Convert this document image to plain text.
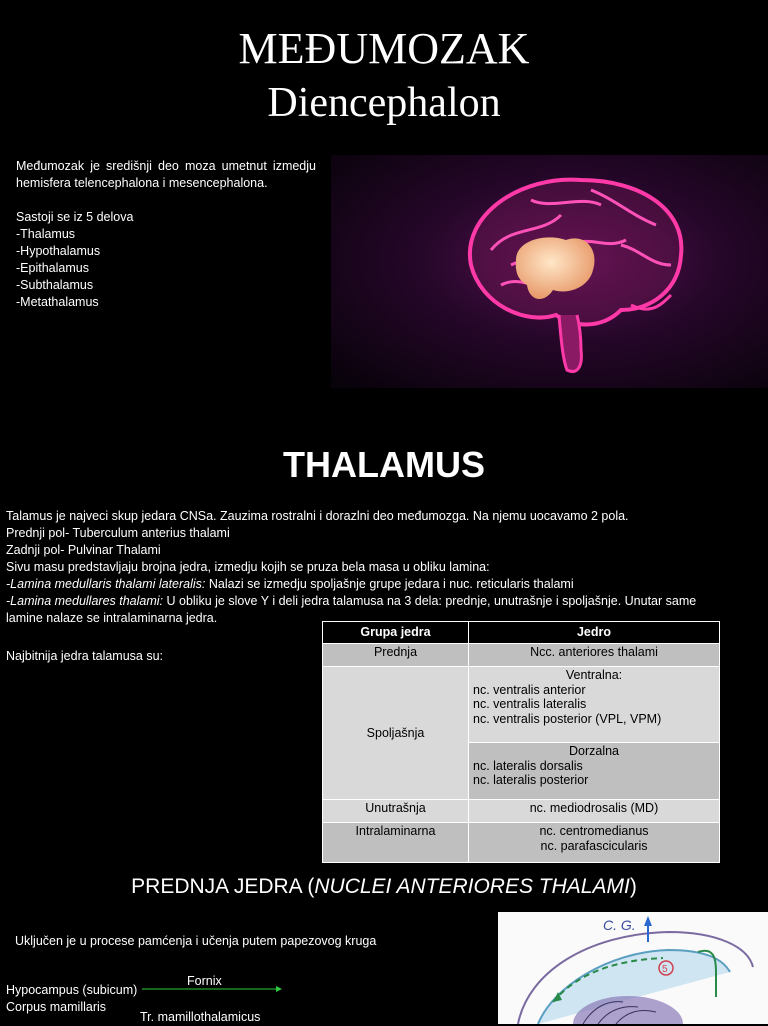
MEĐUMOZAK
Diencephalon

Međumozak je središnji deo moza umetnut izmedju hemisfera telencephalona i mesencephalona.

Sastoji se iz 5 delova
-Thalamus
-Hypothalamus
-Epithalamus
-Subthalamus
-Metathalamus
THALAMUS
Talamus je najveci skup jedara CNSa. Zauzima rostralni i dorazlni deo međumozga. Na njemu uocavamo 2 pola.
Prednji pol- Tuberculum anterius thalami
Zadnji pol- Pulvinar Thalami
Sivu masu predstavljaju brojna jedra, izmedju kojih se pruza bela masa u obliku lamina:
-Lamina medullaris thalami lateralis: Nalazi se izmedju spoljašnje grupe jedara i nuc. reticularis thalami
-Lamina medullares thalami: U obliku je slove Y i deli jedra talamusa na 3 dela: prednje, unutrašnje i spoljašnje. Unutar same
lamine nalaze se intralaminarna jedra.
Najbitnija jedra talamusa su:
Grupa jedra	Jedro
Prednja	Ncc. anteriores thalami
Spoljašnja	Ventralna:
nc. ventralis anterior
nc. ventralis lateralis
nc. ventralis posterior (VPL, VPM)

	Dorzalna
nc. lateralis dorsalis
nc. lateralis posterior

Unutrašnja	nc. mediodrosalis (MD)
Intralaminarna	nc. centromedianus
nc. parafascicularis
PREDNJA JEDRA (NUCLEI ANTERIORES THALAMI)
Uključen je u procese pamćenja i učenja putem papezovog kruga
Hypocampus (subicum)
Corpus mamillaris
Fornix
Tr. mamillothalamicus
C. G.
5
